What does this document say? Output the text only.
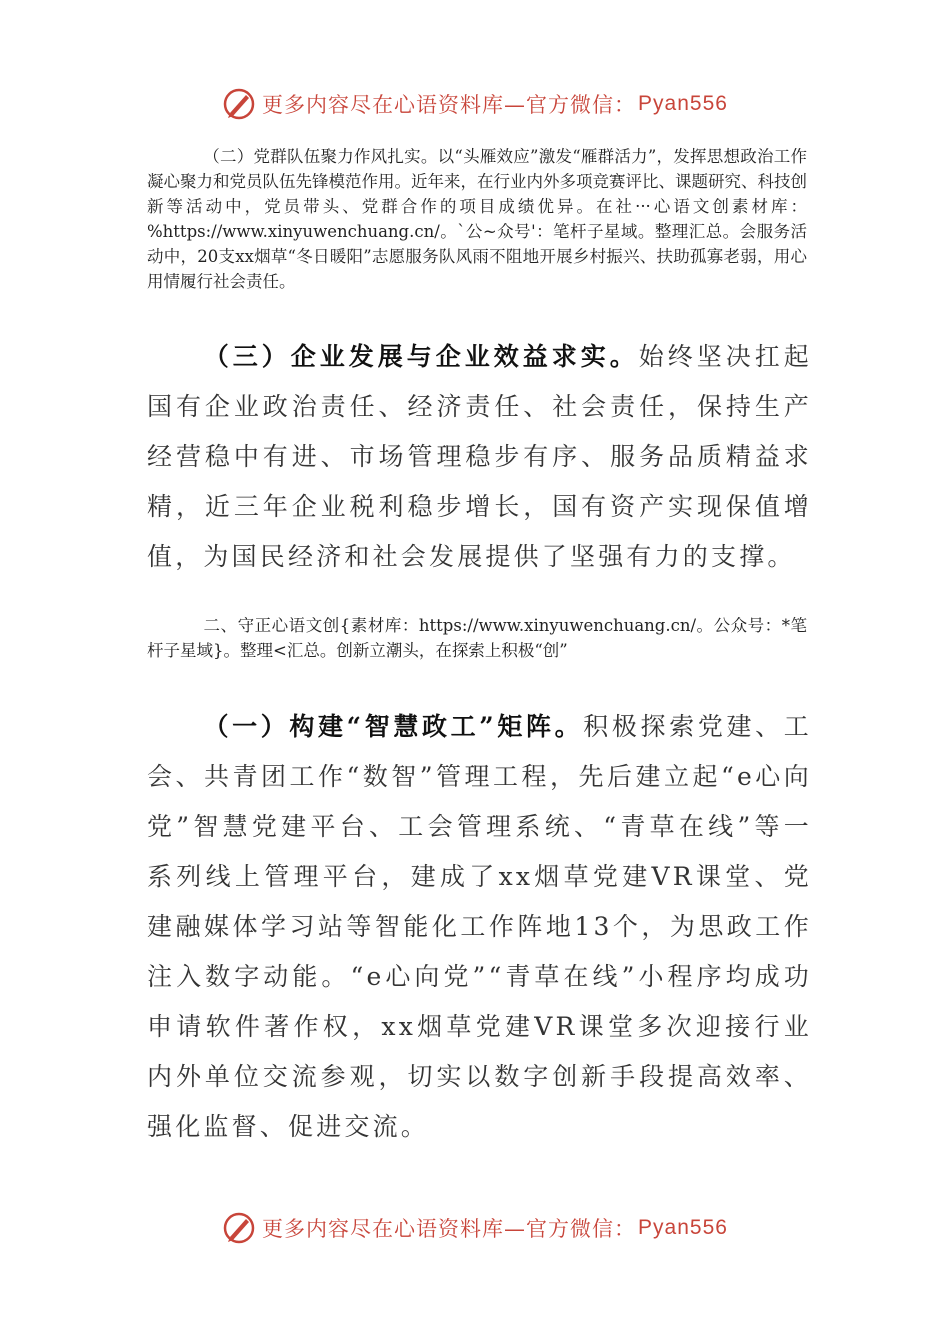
更多内容尽在心语资料库—官方微信： Pyan556
（二）党群队伍聚力作风扎实。以“头雁效应”激发“雁群活力”，发挥思想政治工作凝心聚力和党员队伍先锋模范作用。近年来，在行业内外多项竞赛评比、课题研究、科技创新等活动中，党员带头、党群合作的项目成绩优异。在社···心语文创素材库：%https://www.xinyuwenchuang.cn/。`公~众号'：笔杆子星域。整理汇总。会服务活动中，20支xx烟草“冬日暖阳”志愿服务队风雨不阻地开展乡村振兴、扶助孤寡老弱，用心用情履行社会责任。
（三）企业发展与企业效益求实。始终坚决扛起国有企业政治责任、经济责任、社会责任，保持生产经营稳中有进、市场管理稳步有序、服务品质精益求精，近三年企业税利稳步增长，国有资产实现保值增值，为国民经济和社会发展提供了坚强有力的支撑。
二、守正心语文创{素材库：https://www.xinyuwenchuang.cn/。公众号：*笔杆子星域}。整理<汇总。创新立潮头，在探索上积极“创”
（一）构建“智慧政工”矩阵。积极探索党建、工会、共青团工作“数智”管理工程，先后建立起“e心向党”智慧党建平台、工会管理系统、“青草在线”等一系列线上管理平台，建成了xx烟草党建VR课堂、党建融媒体学习站等智能化工作阵地13个，为思政工作注入数字动能。“e心向党”“青草在线”小程序均成功申请软件著作权，xx烟草党建VR课堂多次迎接行业内外单位交流参观，切实以数字创新手段提高效率、强化监督、促进交流。
更多内容尽在心语资料库—官方微信： Pyan556
